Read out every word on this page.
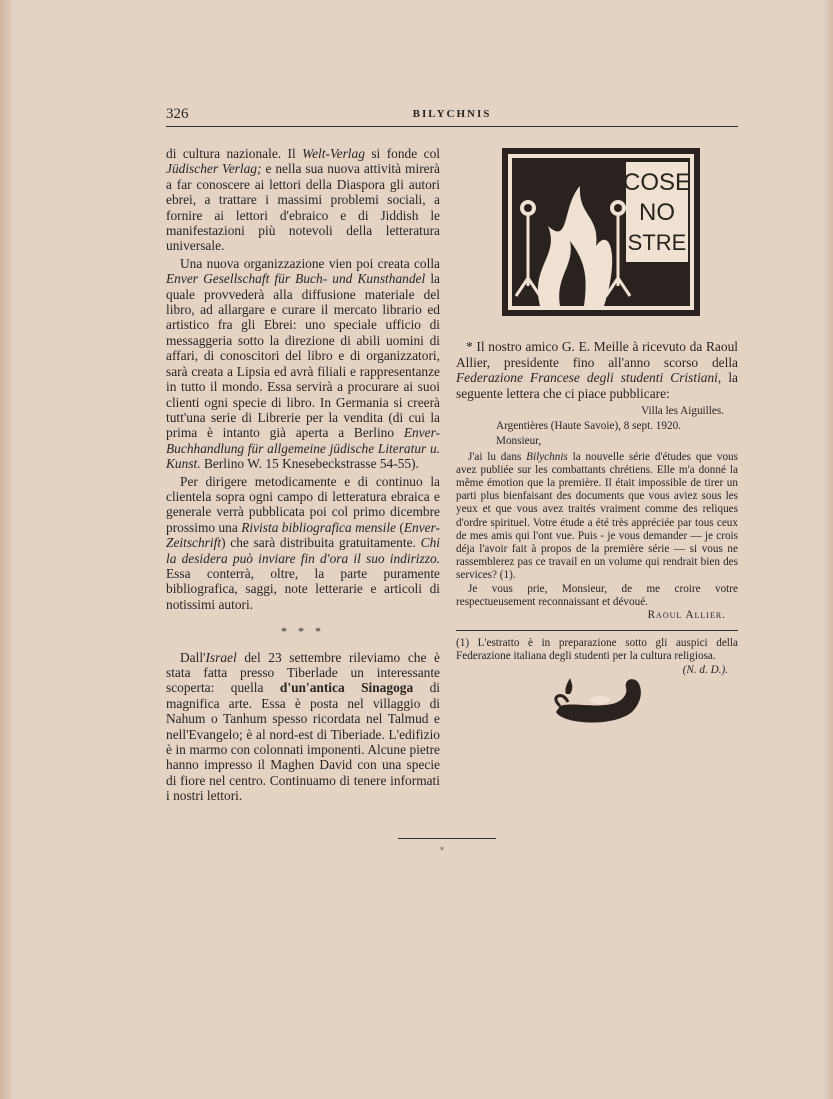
326	BILYCHNIS

di cultura nazionale. Il Welt-Verlag si fonde col Jüdischer Verlag; e nella sua nuova attività mirerà a far conoscere ai lettori della Diaspora gli autori ebrei, a trattare i massimi problemi sociali, a fornire ai lettori d'ebraico e di Jiddish le manifestazioni più notevoli della letteratura universale.

Una nuova organizzazione vien poi creata colla Enver Gesellschaft für Buch- und Kunsthandel la quale provvederà alla diffusione materiale del libro, ad allargare e curare il mercato librario ed artistico fra gli Ebrei: uno speciale ufficio di messaggeria sotto la direzione di abili uomini di affari, di conoscitori del libro e di organizzatori, sarà creata a Lipsia ed avrà filiali e rappresentanze in tutto il mondo. Essa servirà a procurare ai suoi clienti ogni specie di libro. In Germania si creerà tutt'una serie di Librerie per la vendita (di cui la prima è intanto già aperta a Berlino Enver-Buchhandlung für allgemeine jüdische Literatur u. Kunst. Berlino W. 15 Knesebeckstrasse 54-55).

Per dirigere metodicamente e di continuo la clientela sopra ogni campo di letteratura ebraica e generale verrà pubblicata poi col primo dicembre prossimo una Rivista bibliografica mensile (Enver-Zeitschrift) che sarà distribuita gratuitamente. Chi la desidera può inviare fin d'ora il suo indirizzo. Essa conterrà, oltre, la parte puramente bibliografica, saggi, note letterarie e articoli di notissimi autori.

* * *

Dall'Israel del 23 settembre rileviamo che è stata fatta presso Tiberlade un interessante scoperta: quella d'un'antica Sinagoga di magnifica arte. Essa è posta nel villaggio di Nahum o Tanhum spesso ricordata nel Talmud e nell'Evangelo; è al nord-est di Tiberiade. L'edifizio è in marmo con colonnati imponenti. Alcune pietre hanno impresso il Maghen David con una specie di fiore nel centro. Continuamo di tenere informati i nostri lettori.

COSE
NO
STRE

* Il nostro amico G. E. Meille à ricevuto da Raoul Allier, presidente fino all'anno scorso della Federazione Francese degli studenti Cristiani, la seguente lettera che ci piace pubblicare:

Villa les Aiguilles.

Argentières (Haute Savoie), 8 sept. 1920.

Monsieur,

J'ai lu dans Bilychnis la nouvelle série d'études que vous avez publiée sur les combattants chrétiens. Elle m'a donné la même émotion que la première. Il était impossible de tirer un parti plus bienfaisant des documents que vous aviez sous les yeux et que vous avez traités vraiment comme des reliques d'ordre spirituel. Votre étude a été très appréciée par tous ceux de mes amis qui l'ont vue. Puis - je vous demander — je crois déja l'avoir fait à propos de la première série — si vous ne rassemblerez pas ce travail en un volume qui rendrait bien des services? (1).

Je vous prie, Monsieur, de me croire votre respectueusement reconnaissant et dévoué.

Raoul Allier.

(1) L'estratto è in preparazione sotto gli auspici della Federazione italiana degli studenti per la cultura religiosa.
(N. d. D.).
*
